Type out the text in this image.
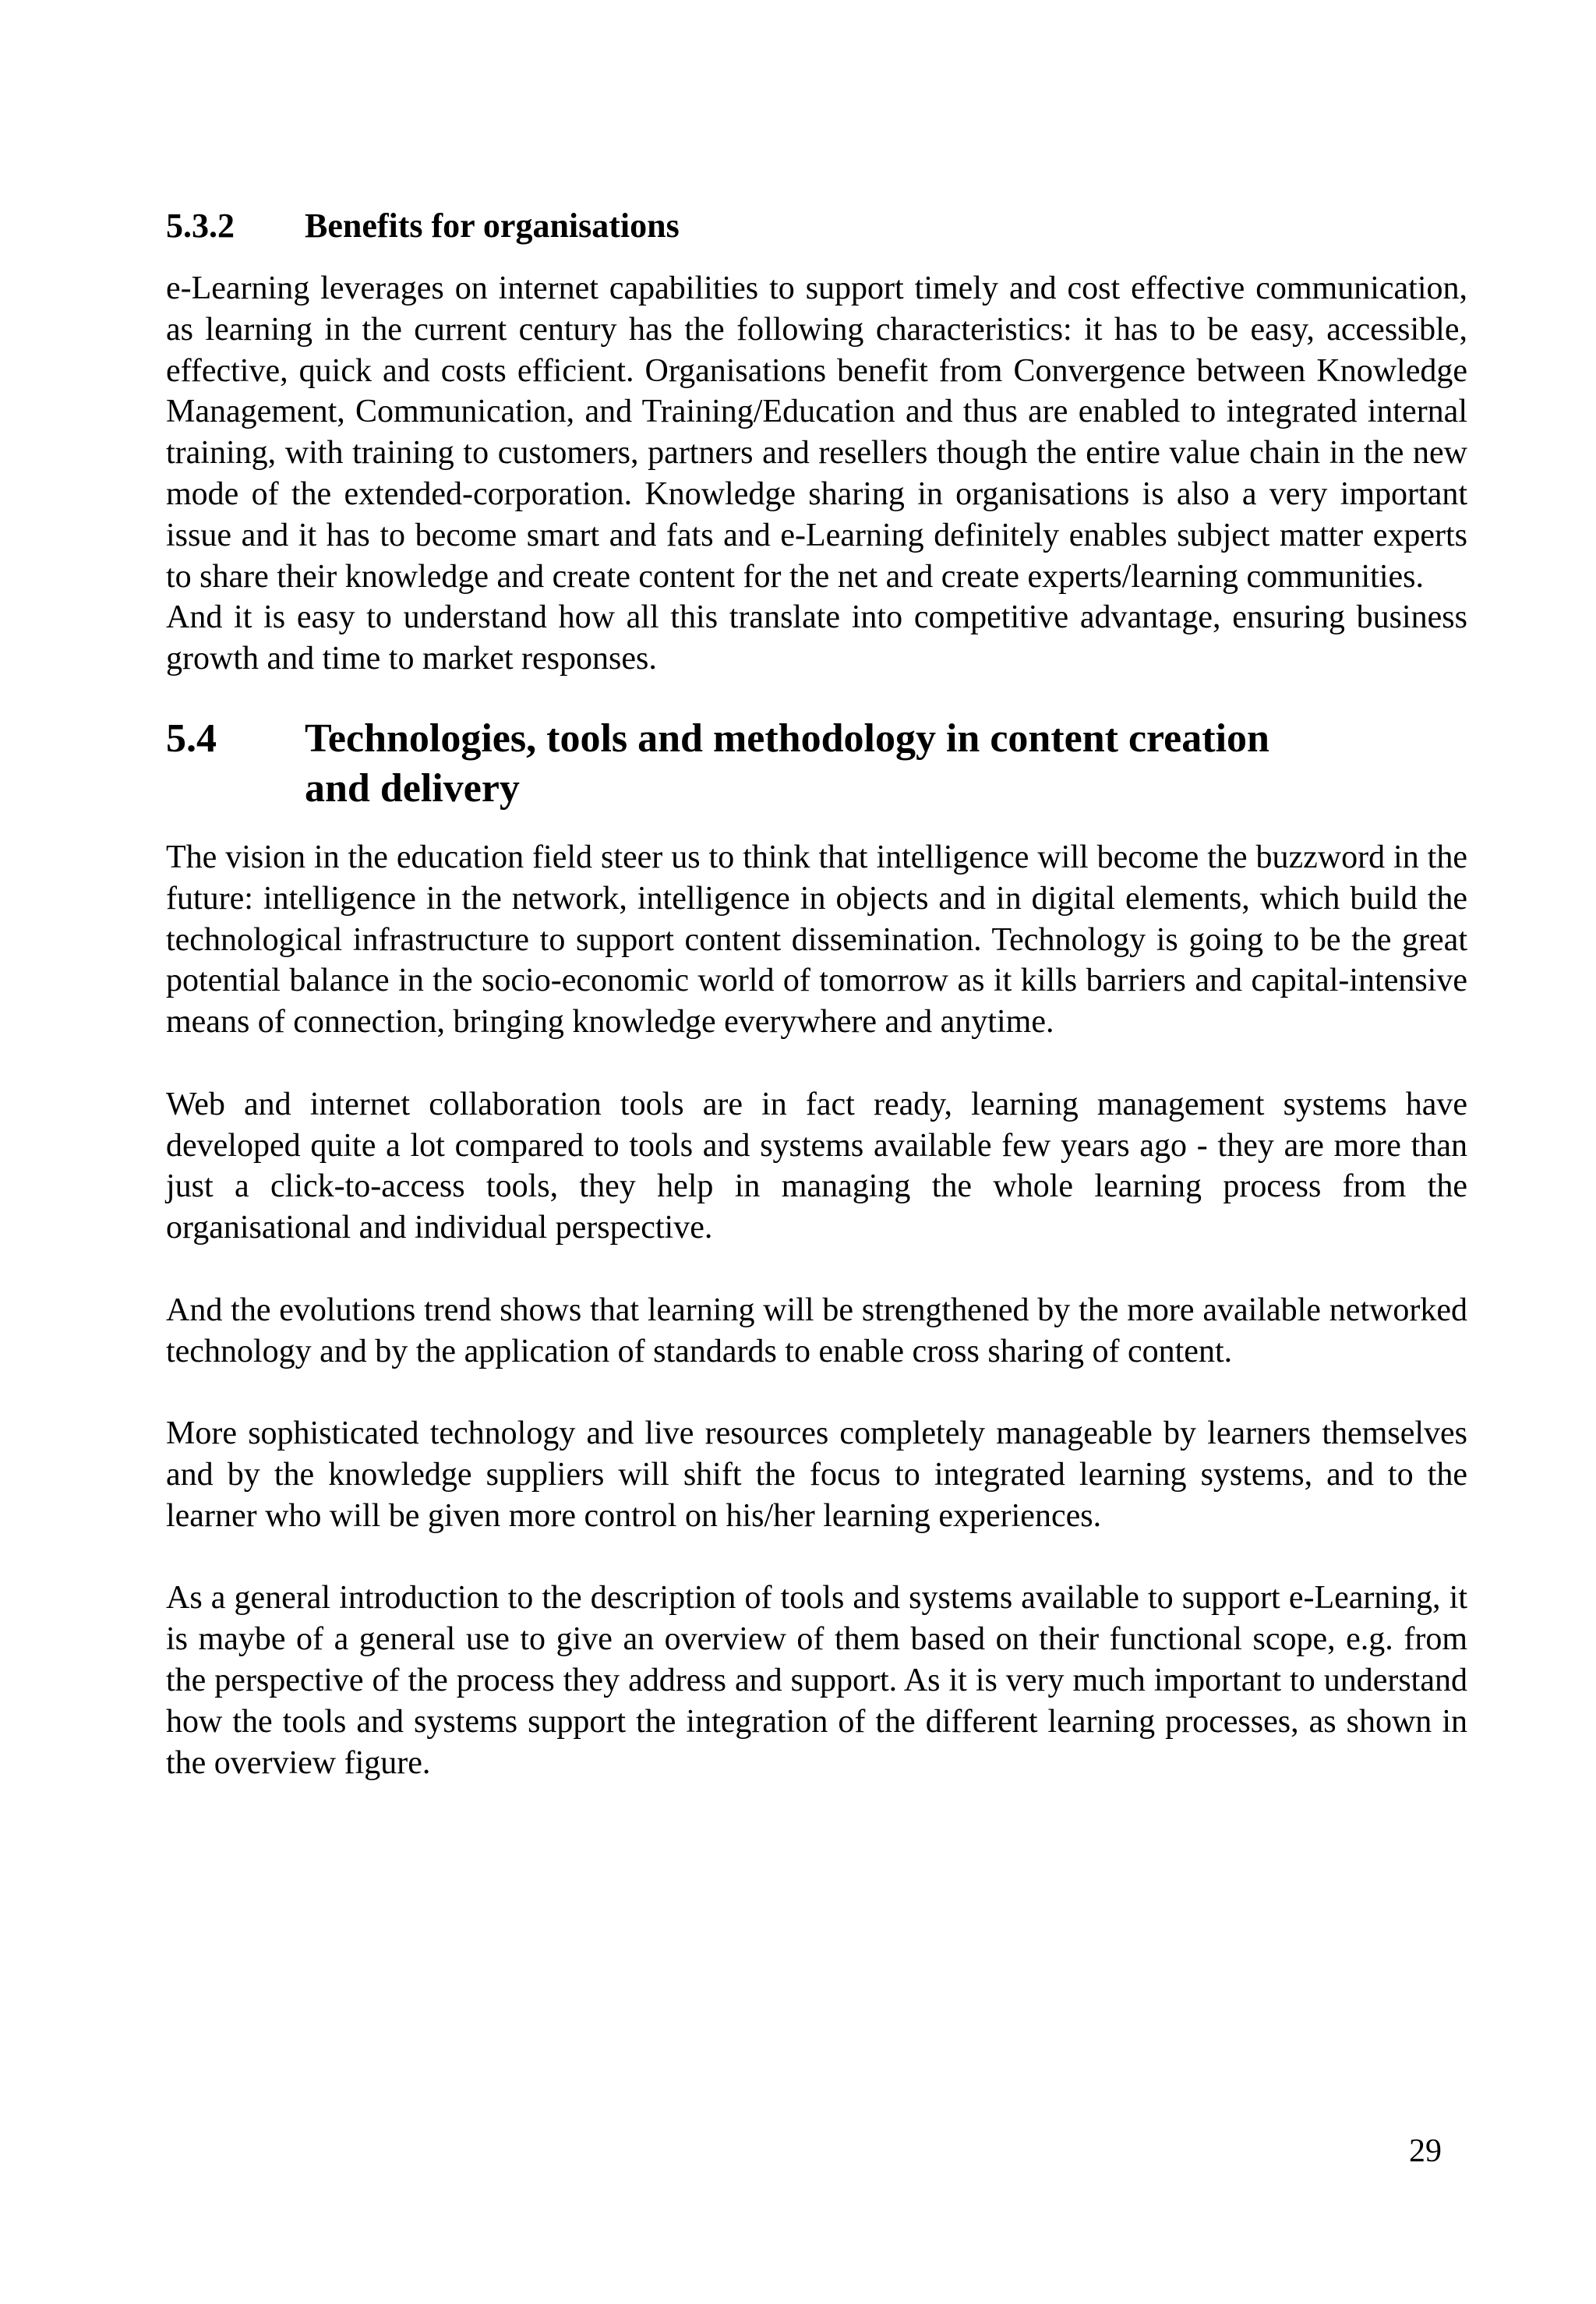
5.3.2	Benefits for organisations

e-Learning leverages on internet capabilities to support timely and cost effective communication, as learning in the current century has the following characteristics: it has to be easy, accessible, effective, quick and costs efficient. Organisations benefit from Convergence between Knowledge Management, Communication, and Training/Education and thus are enabled to integrated internal training, with training to customers, partners and resellers though the entire value chain in the new mode of the extended-corporation. Knowledge sharing in organisations is also a very important issue and it has to become smart and fats and e-Learning definitely enables subject matter experts to share their knowledge and create content for the net and create experts/learning communities.

And it is easy to understand how all this translate into competitive advantage, ensuring business growth and time to market responses.

5.4	Technologies, tools and methodology in content creation and delivery

The vision in the education field steer us to think that intelligence will become the buzzword in the future: intelligence in the network, intelligence in objects and in digital elements, which build the technological infrastructure to support content dissemination. Technology is going to be the great potential balance in the socio-economic world of tomorrow as it kills barriers and capital-intensive means of connection, bringing knowledge everywhere and anytime.

Web and internet collaboration tools are in fact ready, learning management systems have developed quite a lot compared to tools and systems available few years ago - they are more than just a click-to-access tools, they help in managing the whole learning process from the organisational and individual perspective.

And the evolutions trend shows that learning will be strengthened by the more available networked technology and by the application of standards to enable cross sharing of content.

More sophisticated technology and live resources completely manageable by learners themselves and by the knowledge suppliers will shift the focus to integrated learning systems, and to the learner who will be given more control on his/her learning experiences.

As a general introduction to the description of tools and systems available to support e-Learning, it is maybe of a general use to give an overview of them based on their functional scope, e.g. from the perspective of the process they address and support. As it is very much important to understand how the tools and systems support the integration of the different learning processes, as shown in the overview figure.

29
